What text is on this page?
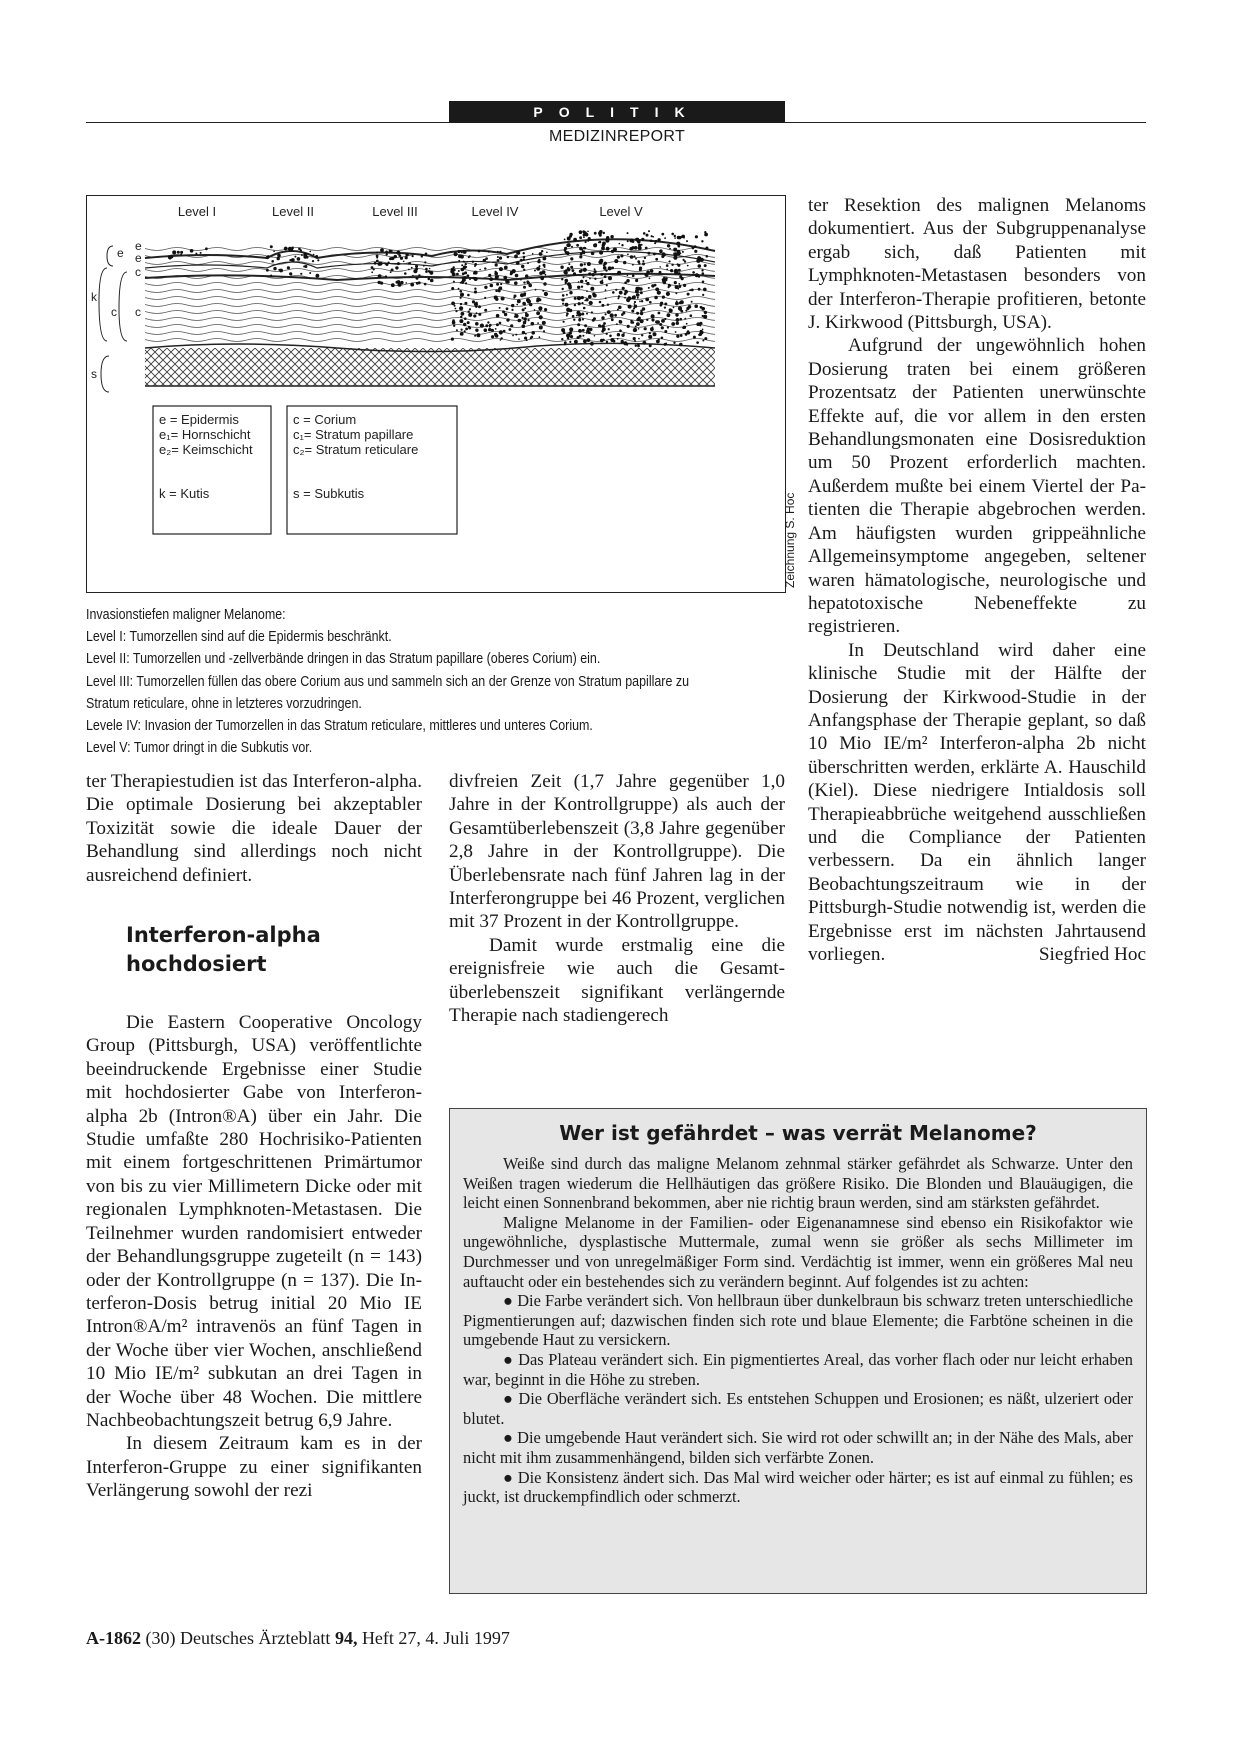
POLITIK
MEDIZINREPORT
Level I	Level II	Level III	Level IV	Level V
e
e
e
c
c c
k
s
e = Epidermis
e₁= Hornschicht
e₂= Keimschicht
k = Kutis
c = Corium
c₁= Stratum papillare
c₂= Stratum reticulare
s = Subkutis	Zeichnung S. Hoc
Invasionstiefen maligner Melanome:
Level I: Tumorzellen sind auf die Epidermis beschränkt.
Level II: Tumorzellen und -zellverbände dringen in das Stratum papillare (oberes Corium) ein.
Level III: Tumorzellen füllen das obere Corium aus und sammeln sich an der Grenze von Stratum papillare zu
Stratum reticulare, ohne in letzteres vorzudringen.
Levele IV: Invasion der Tumorzellen in das Stratum reticulare, mittleres und unteres Corium.
Level V: Tumor dringt in die Subkutis vor.

ter Therapiestudien ist das Interferon-alpha. Die optimale Dosierung bei akzeptabler Toxizität sowie die ideale Dauer der Behandlung sind allerdings noch nicht ausreichend definiert.

Interferon-alpha hochdosiert

Die Eastern Cooperative Oncology Group (Pittsburgh, USA) veröffentlichte beeindruckende Ergebnisse einer Studie mit hochdosierter Gabe von Interferon-alpha 2b (Intron®A) über ein Jahr. Die Studie umfaßte 280 Hochrisiko-Patienten mit einem fortgeschrittenen Primärtumor von bis zu vier Millimetern Dicke oder mit regionalen Lymphknoten-Metastasen. Die Teilnehmer wurden randomisiert entweder der Behandlungsgruppe zugeteilt (n = 143) oder der Kontrollgruppe (n = 137). Die Interferon-Dosis betrug initial 20 Mio IE Intron®A/m² intravenös an fünf Tagen in der Woche über vier Wochen, anschließend 10 Mio IE/m² subkutan an drei Tagen in der Woche über 48 Wochen. Die mittlere Nachbeobachtungszeit betrug 6,9 Jahre.

In diesem Zeitraum kam es in der Interferon-Gruppe zu einer signifikanten Verlängerung sowohl der rezi

divfreien Zeit (1,7 Jahre gegenüber 1,0 Jahre in der Kontrollgruppe) als auch der Gesamtüberlebenszeit (3,8 Jahre gegenüber 2,8 Jahre in der Kontrollgruppe). Die Überlebensrate nach fünf Jahren lag in der Interferongruppe bei 46 Prozent, verglichen mit 37 Prozent in der Kontrollgruppe.

Damit wurde erstmalig eine die ereignisfreie wie auch die Gesamtüberlebenszeit signifikant verlängernde Therapie nach stadiengerech

ter Resektion des malignen Melanoms dokumentiert. Aus der Subgruppenanalyse ergab sich, daß Patienten mit Lymphknoten-Metastasen besonders von der Interferon-Therapie profitieren, betonte J. Kirkwood (Pittsburgh, USA).

Aufgrund der ungewöhnlich hohen Dosierung traten bei einem größeren Prozentsatz der Patienten unerwünschte Effekte auf, die vor allem in den ersten Behandlungsmonaten eine Dosisreduktion um 50 Prozent erforderlich machten. Außerdem mußte bei einem Viertel der Patienten die Therapie abgebrochen werden. Am häufigsten wurden grippeähnliche Allgemeinsymptome angegeben, seltener waren hämatologische, neurologische und hepatotoxische Nebeneffekte zu registrieren.

In Deutschland wird daher eine klinische Studie mit der Hälfte der Dosierung der Kirkwood-Studie in der Anfangsphase der Therapie geplant, so daß 10 Mio IE/m² Interferon-alpha 2b nicht überschritten werden, erklärte A. Hauschild (Kiel). Diese niedrigere Intialdosis soll Therapieabbrüche weitgehend ausschließen und die Compliance der Patienten verbessern. Da ein ähnlich langer Beobachtungszeitraum wie in der Pittsburgh-Studie notwendig ist, werden die Ergebnisse erst im nächsten Jahrtausend vorliegen.	Siegfried Hoc

Wer ist gefährdet – was verrät Melanome?

Weiße sind durch das maligne Melanom zehnmal stärker gefährdet als Schwarze. Unter den Weißen tragen wiederum die Hellhäutigen das größere Risiko. Die Blonden und Blauäugigen, die leicht einen Sonnenbrand bekommen, aber nie richtig braun werden, sind am stärksten gefährdet.

Maligne Melanome in der Familien- oder Eigenanamnese sind ebenso ein Risikofaktor wie ungewöhnliche, dysplastische Muttermale, zumal wenn sie größer als sechs Millimeter im Durchmesser und von unregelmäßiger Form sind. Verdächtig ist immer, wenn ein größeres Mal neu auftaucht oder ein bestehendes sich zu verändern beginnt. Auf folgendes ist zu achten:

● Die Farbe verändert sich. Von hellbraun über dunkelbraun bis schwarz treten unterschiedliche Pigmentierungen auf; dazwischen finden sich rote und blaue Elemente; die Farbtöne scheinen in die umgebende Haut zu versickern.

● Das Plateau verändert sich. Ein pigmentiertes Areal, das vorher flach oder nur leicht erhaben war, beginnt in die Höhe zu streben.

● Die Oberfläche verändert sich. Es entstehen Schuppen und Erosionen; es näßt, ulzeriert oder blutet.

● Die umgebende Haut verändert sich. Sie wird rot oder schwillt an; in der Nähe des Mals, aber nicht mit ihm zusammenhängend, bilden sich verfärbte Zonen.

● Die Konsistenz ändert sich. Das Mal wird weicher oder härter; es ist auf einmal zu fühlen; es juckt, ist druckempfindlich oder schmerzt.

A-1862 (30) Deutsches Ärzteblatt 94, Heft 27, 4. Juli 1997
